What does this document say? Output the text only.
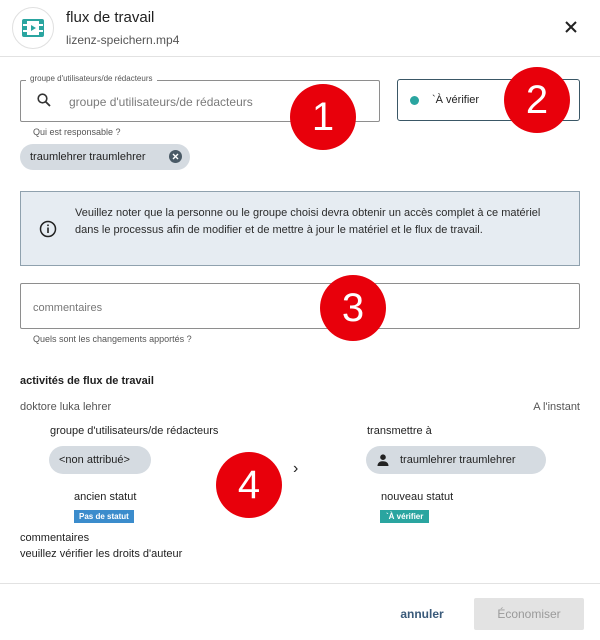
flux de travail
lizenz-speichern.mp4
groupe d'utilisateurs/de rédacteurs
groupe d'utilisateurs/de rédacteurs
Qui est responsable ?
`À vérifier
traumlehrer traumlehrer
Veuillez noter que la personne ou le groupe choisi devra obtenir un accès complet à ce matériel dans le processus afin de modifier et de mettre à jour le matériel et le flux de travail.
commentaires
Quels sont les changements apportés ?
activités de flux de travail
doktore luka lehrer	A l'instant
groupe d'utilisateurs/de rédacteurs	transmettre à
<non attribué>	›	traumlehrer traumlehrer
ancien statut
Pas de statut
nouveau statut
`À vérifier
commentaires
veuillez vérifier les droits d'auteur
annuler	Économiser
1	2
3
4
